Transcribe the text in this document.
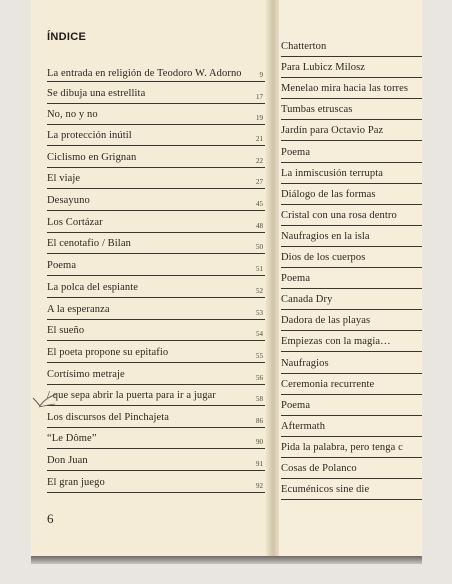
La entrada en religión de Teodoro W. Adorno	9
Se dibuja una estrellita	17
No, no y no	19
La protección inútil	21
Ciclismo en Grignan	22
El viaje	27
Desayuno	45
Los Cortázar	48
El cenotafio / Bilan	50
Poema	51
La polca del espiante	52
A la esperanza	53
El sueño	54
El poeta propone su epitafio	55
Cortísimo metraje	56
/ que sepa abrir la puerta para ir a jugar	58
Los discursos del Pinchajeta	86
“Le Dôme”	90
Don Juan	91
El gran juego	92
Chatterton
Para Lubicz Milosz
Menelao mira hacia las torres
Tumbas etruscas
Jardín para Octavio Paz
Poema
La inmiscusión terrupta
Diálogo de las formas
Cristal con una rosa dentro
Naufragios en la isla
Dios de los cuerpos
Poema
Canada Dry
Dadora de las playas
Empiezas con la magia…
Naufragios
Ceremonia recurrente
Poema
Aftermath
Pida la palabra, pero tenga c
Cosas de Polanco
Ecuménicos sine die
ÍNDICE
6
